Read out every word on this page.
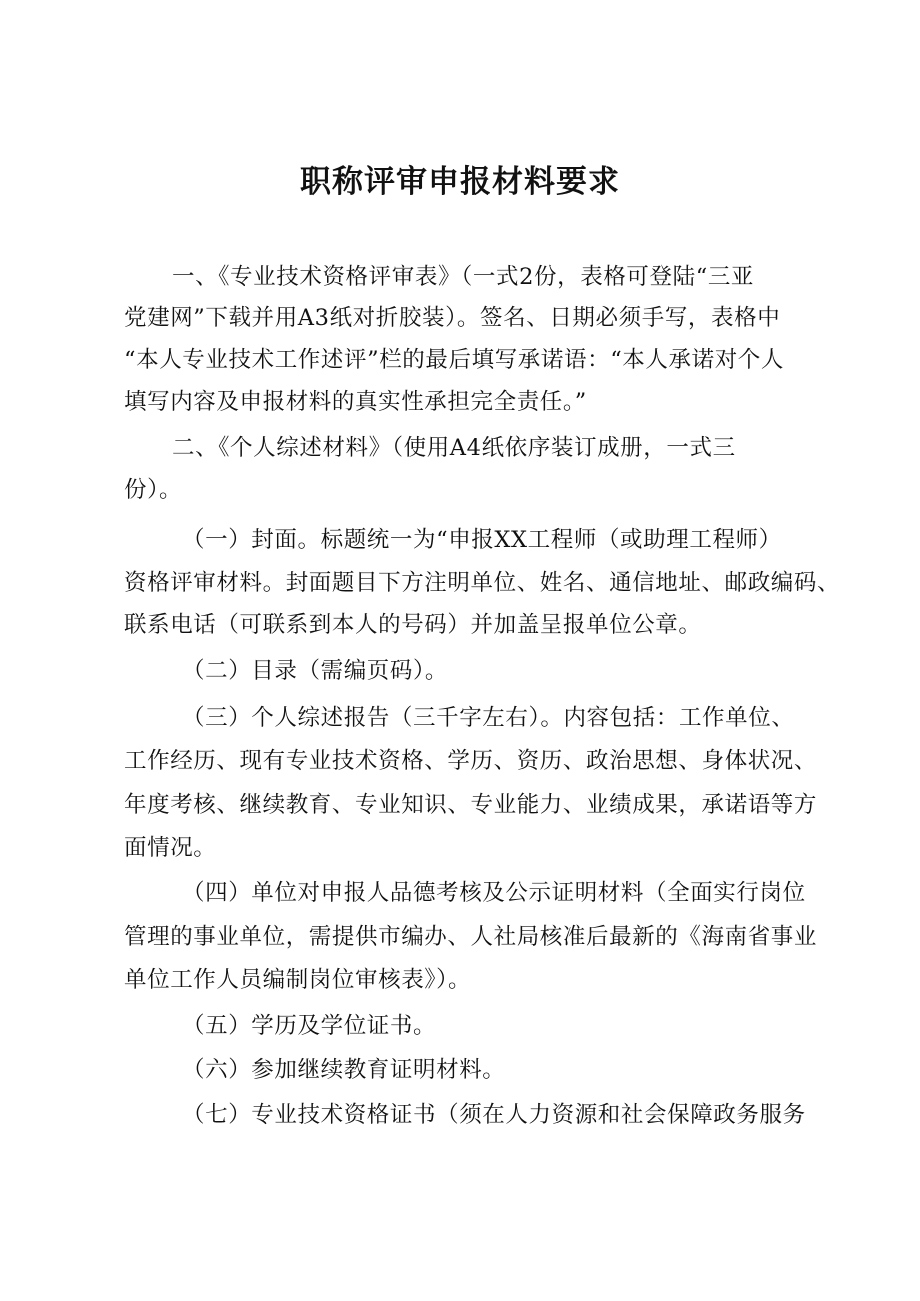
职称评审申报材料要求
一、《专业技术资格评审表》（一式2份，表格可登陆“三亚
党建网”下载并用A3纸对折胶装）。签名、日期必须手写，表格中
“本人专业技术工作述评”栏的最后填写承诺语：“本人承诺对个人
填写内容及申报材料的真实性承担完全责任。”
二、《个人综述材料》（使用A4纸依序装订成册，一式三
份）。
（一）封面。标题统一为“申报XX工程师（或助理工程师）
资格评审材料。封面题目下方注明单位、姓名、通信地址、邮政编码、
联系电话（可联系到本人的号码）并加盖呈报单位公章。
（二）目录（需编页码）。
（三）个人综述报告（三千字左右）。内容包括：工作单位、
工作经历、现有专业技术资格、学历、资历、政治思想、身体状况、
年度考核、继续教育、专业知识、专业能力、业绩成果，承诺语等方
面情况。
（四）单位对申报人品德考核及公示证明材料（全面实行岗位
管理的事业单位，需提供市编办、人社局核准后最新的《海南省事业
单位工作人员编制岗位审核表》）。
（五）学历及学位证书。
（六）参加继续教育证明材料。
（七）专业技术资格证书（须在人力资源和社会保障政务服务
